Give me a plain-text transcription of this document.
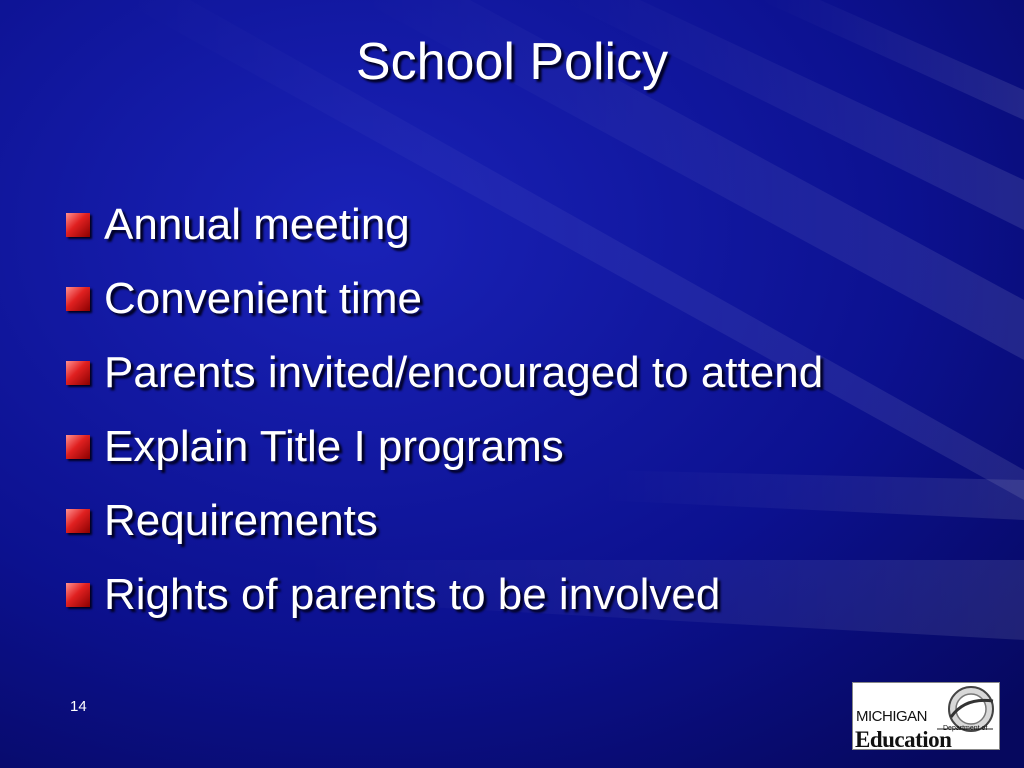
School Policy
Annual meeting
Convenient time
Parents invited/encouraged to attend
Explain Title I programs
Requirements
Rights of parents to be involved
14
MICHIGAN
Department of
Education
